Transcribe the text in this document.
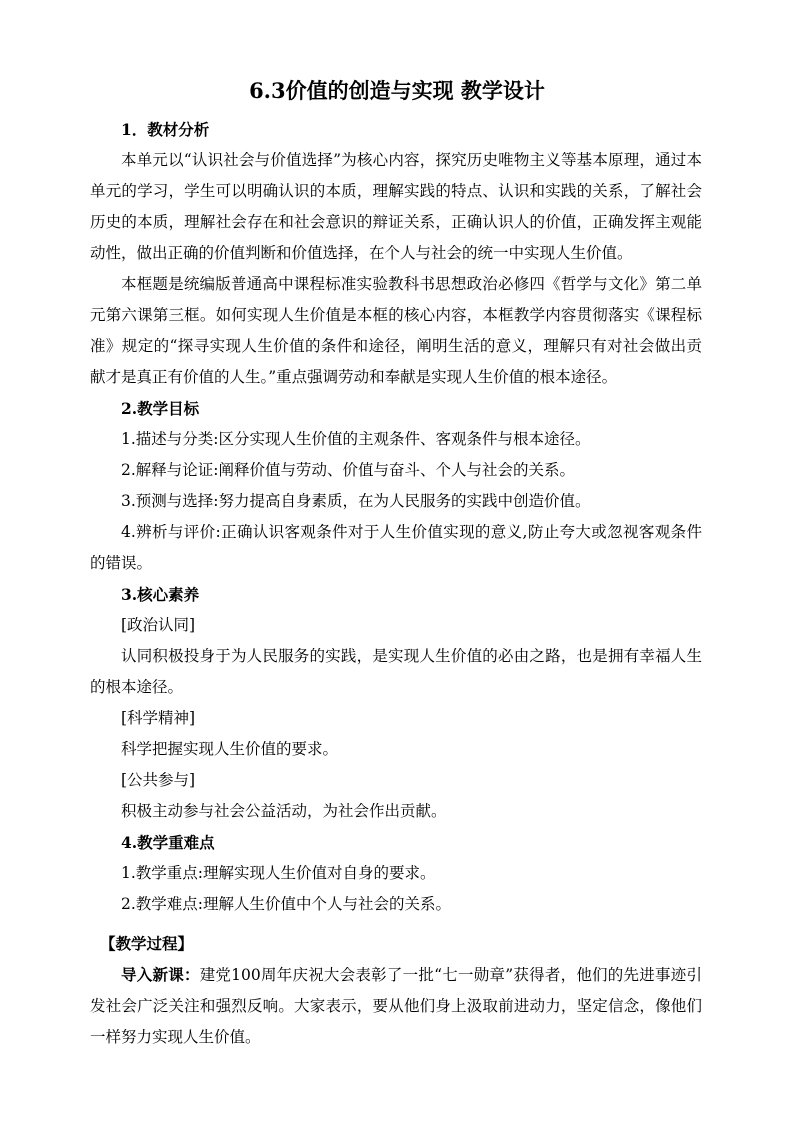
6.3价值的创造与实现 教学设计

1．教材分析

本单元以“认识社会与价值选择”为核心内容，探究历史唯物主义等基本原理，通过本单元的学习，学生可以明确认识的本质，理解实践的特点、认识和实践的关系，了解社会历史的本质，理解社会存在和社会意识的辩证关系，正确认识人的价值，正确发挥主观能动性，做出正确的价值判断和价值选择，在个人与社会的统一中实现人生价值。

本框题是统编版普通高中课程标准实验教科书思想政治必修四《哲学与文化》第二单元第六课第三框。如何实现人生价值是本框的核心内容，本框教学内容贯彻落实《课程标准》规定的“探寻实现人生价值的条件和途径，阐明生活的意义，理解只有对社会做出贡献才是真正有价值的人生。”重点强调劳动和奉献是实现人生价值的根本途径。

2.教学目标

1.描述与分类:区分实现人生价值的主观条件、客观条件与根本途径。

2.解释与论证:阐释价值与劳动、价值与奋斗、个人与社会的关系。

3.预测与选择:努力提高自身素质，在为人民服务的实践中创造价值。

4.辨析与评价:正确认识客观条件对于人生价值实现的意义,防止夸大或忽视客观条件的错误。

3.核心素养

[政治认同]

认同积极投身于为人民服务的实践，是实现人生价值的必由之路，也是拥有幸福人生的根本途径。

[科学精神]

科学把握实现人生价值的要求。

[公共参与]

积极主动参与社会公益活动，为社会作出贡献。

4.教学重难点

1.教学重点:理解实现人生价值对自身的要求。

2.教学难点:理解人生价值中个人与社会的关系。

【教学过程】

导入新课：建党100周年庆祝大会表彰了一批“七一勋章”获得者，他们的先进事迹引发社会广泛关注和强烈反响。大家表示，要从他们身上汲取前进动力，坚定信念，像他们一样努力实现人生价值。
